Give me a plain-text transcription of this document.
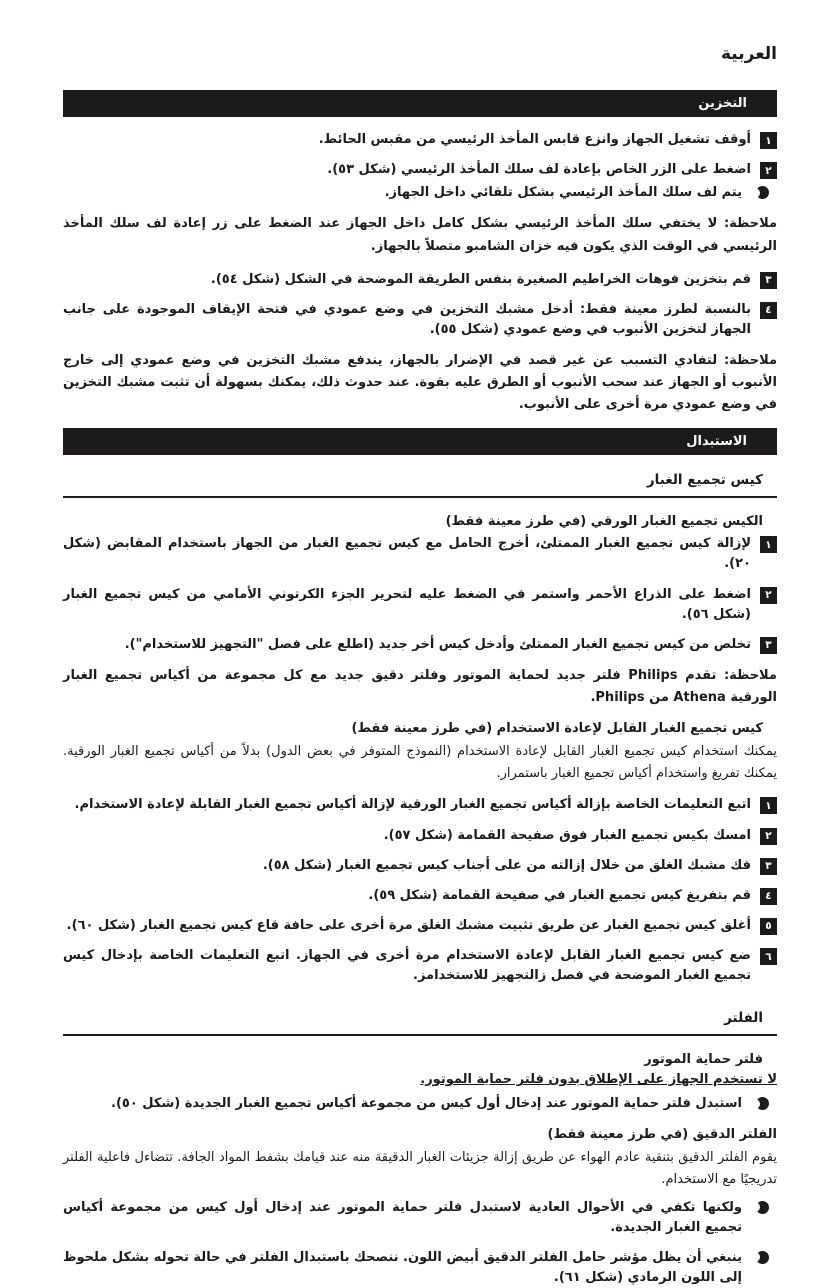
العربية
التخزين
١
أوقف تشغيل الجهاز وانزع قابس المأخذ الرئيسي من مقبس الحائط.
٢
اضغط على الزر الخاص بإعادة لف سلك المأخذ الرئيسي (شكل ٥٣).
يتم لف سلك المأخذ الرئيسي بشكل تلقائي داخل الجهاز.

ملاحظة: لا يختفي سلك المأخذ الرئيسي بشكل كامل داخل الجهاز عند الضغط على زر إعادة لف سلك المأخذ الرئيسي في الوقت الذي يكون فيه خزان الشامبو متصلاً بالجهاز.

٣
قم بتخزين فوهات الخراطيم الصغيرة بنفس الطريقة الموضحة في الشكل (شكل ٥٤).
٤
بالنسبة لطرز معينة فقط: أدخل مشبك التخزين في وضع عمودي في فتحة الإيقاف الموجودة على جانب الجهاز لتخزين الأنبوب في وضع عمودي (شكل ٥٥).

ملاحظة: لتفادي التسبب عن غير قصد في الإضرار بالجهاز، يندفع مشبك التخزين في وضع عمودي إلى خارج الأنبوب أو الجهاز عند سحب الأنبوب أو الطرق عليه بقوة. عند حدوث ذلك، يمكنك بسهولة أن تثبت مشبك التخزين في وضع عمودي مرة أخرى على الأنبوب.

الاستبدال
كيس تجميع الغبار
الكيس تجميع الغبار الورقي (في طرز معينة فقط)
١
لإزالة كيس تجميع الغبار الممتلئ، أخرج الحامل مع كيس تجميع الغبار من الجهاز باستخدام المقابض (شكل ٢٠).
٢
اضغط على الذراع الأحمر واستمر في الضغط عليه لتحرير الجزء الكرتوني الأمامي من كيس تجميع الغبار (شكل ٥٦).
٣
تخلص من كيس تجميع الغبار الممتلئ وأدخل كيس أخر جديد (اطلع على فصل "التجهيز للاستخدام").

ملاحظة: تقدم Philips فلتر جديد لحماية الموتور وفلتر دقيق جديد مع كل مجموعة من أكياس تجميع الغبار الورقية Athena من Philips.

كيس تجميع الغبار القابل لإعادة الاستخدام (في طرز معينة فقط)

يمكنك استخدام كيس تجميع الغبار القابل لإعادة الاستخدام (النموذج المتوفر في بعض الدول) بدلاً من أكياس تجميع الغبار الورقية. يمكنك تفريغ واستخدام أكياس تجميع الغبار باستمرار.

١
اتبع التعليمات الخاصة بإزالة أكياس تجميع الغبار الورقية لإزالة أكياس تجميع الغبار القابلة لإعادة الاستخدام.
٢
امسك بكيس تجميع الغبار فوق صفيحة القمامة (شكل ٥٧).
٣
فك مشبك الغلق من خلال إزالته من على أجناب كيس تجميع الغبار (شكل ٥٨).
٤
قم بتفريغ كيس تجميع الغبار في صفيحة القمامة (شكل ٥٩).
٥
أغلق كيس تجميع الغبار عن طريق تثبيت مشبك الغلق مرة أخرى على حافة قاع كيس تجميع الغبار (شكل ٦٠).
٦
ضع كيس تجميع الغبار القابل لإعادة الاستخدام مرة أخرى في الجهاز. اتبع التعليمات الخاصة بإدخال كيس تجميع الغبار الموضحة في فصل زالتجهيز للاستخدامز.
الفلتر
فلتر حماية الموتور
لا تستخدم الجهاز على الإطلاق بدون فلتر حماية الموتور.
استبدل فلتر حماية الموتور عند إدخال أول كيس من مجموعة أكياس تجميع الغبار الجديدة (شكل ٥٠).
الفلتر الدقيق (في طرز معينة فقط)

يقوم الفلتر الدقيق بتنقية عادم الهواء عن طريق إزالة جزيئات الغبار الدقيقة منه عند قيامك بشفط المواد الجافة. تتضاءل فاعلية الفلتر تدريجيًا مع الاستخدام.

ولكنها تكفي في الأحوال العادية لاستبدل فلتر حماية الموتور عند إدخال أول كيس من مجموعة أكياس تجميع الغبار الجديدة.
ينبغي أن يظل مؤشر حامل الفلتر الدقيق أبيض اللون. ننصحك باستبدال الفلتر في حالة تحوله بشكل ملحوظ إلى اللون الرمادي (شكل ٦١).
